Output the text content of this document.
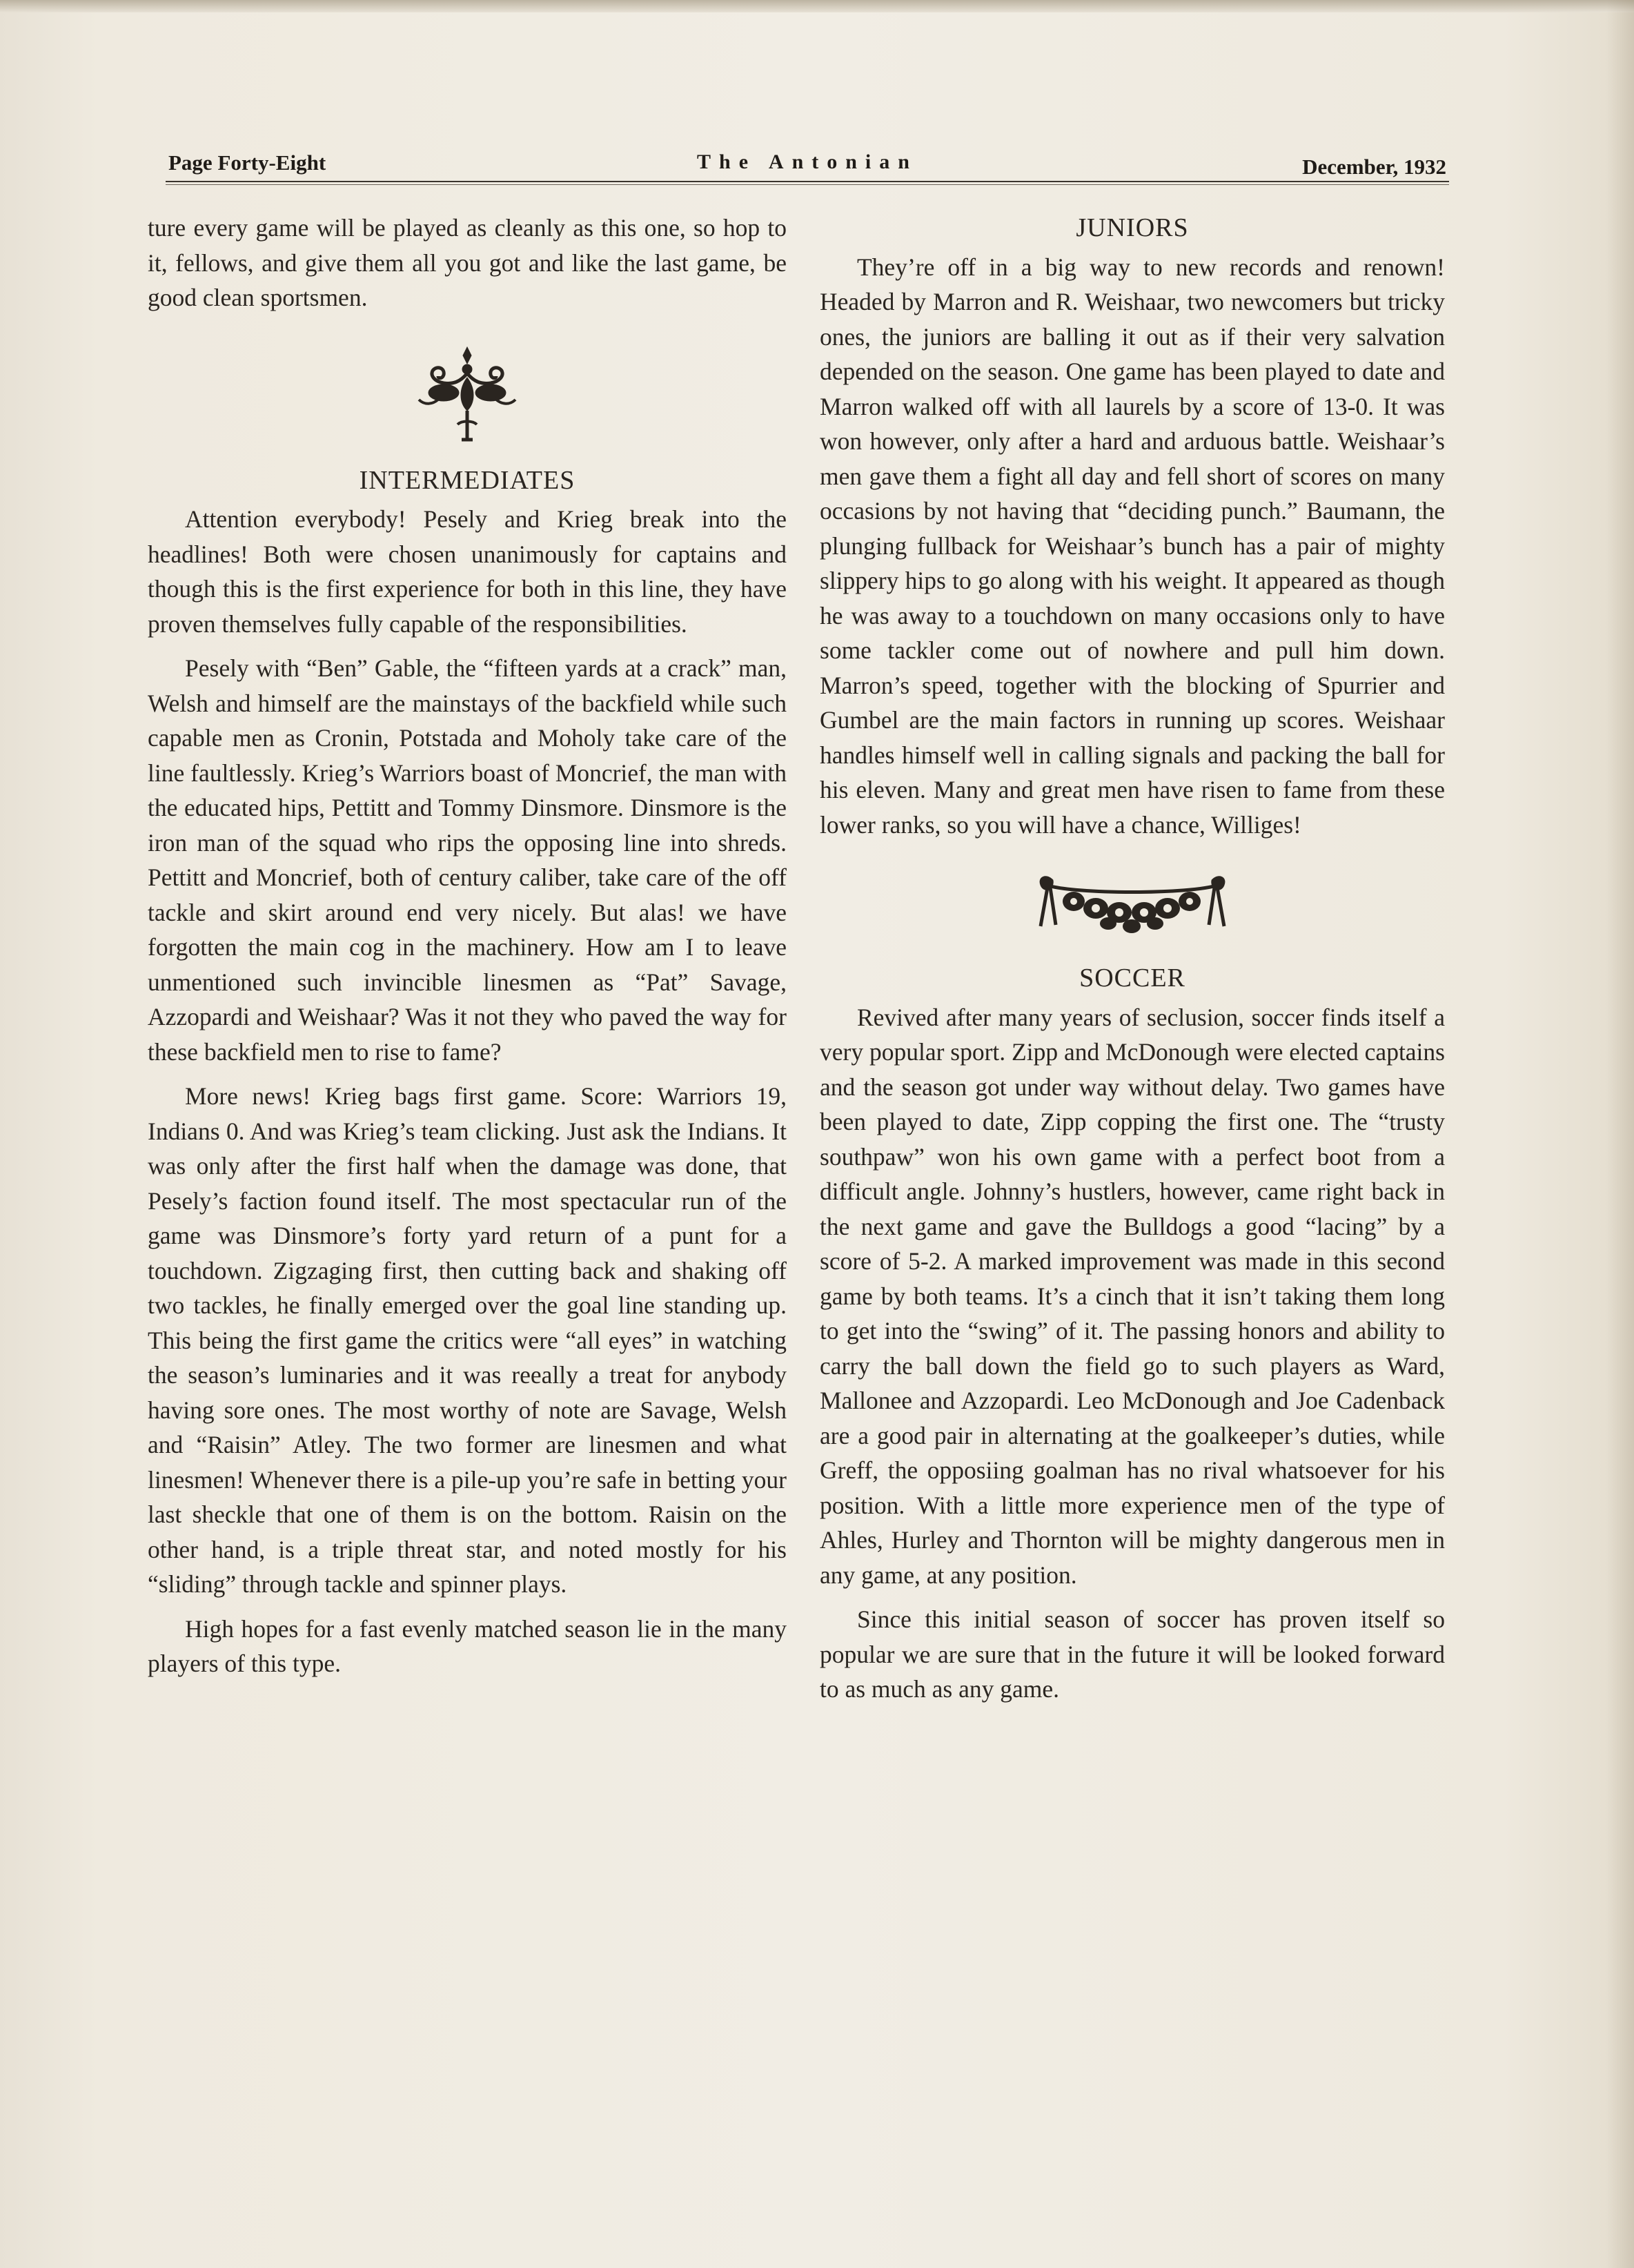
Page Forty-Eight	The Antonian	December, 1932

ture every game will be played as cleanly as this one, so hop to it, fellows, and give them all you got and like the last game, be good clean sportsmen.

INTERMEDIATES

Attention everybody! Pesely and Krieg break into the headlines! Both were chosen unanimously for captains and though this is the first experience for both in this line, they have proven themselves fully capable of the responsibilities.

Pesely with “Ben” Gable, the “fifteen yards at a crack” man, Welsh and himself are the mainstays of the backfield while such capable men as Cronin, Potstada and Moholy take care of the line faultlessly. Krieg’s Warriors boast of Moncrief, the man with the educated hips, Pettitt and Tommy Dinsmore. Dinsmore is the iron man of the squad who rips the opposing line into shreds. Pettitt and Moncrief, both of century caliber, take care of the off tackle and skirt around end very nicely. But alas! we have forgotten the main cog in the machinery. How am I to leave unmentioned such invincible linesmen as “Pat” Savage, Azzopardi and Weishaar? Was it not they who paved the way for these backfield men to rise to fame?

More news! Krieg bags first game. Score: Warriors 19, Indians 0. And was Krieg’s team clicking. Just ask the Indians. It was only after the first half when the damage was done, that Pesely’s faction found itself. The most spectacular run of the game was Dinsmore’s forty yard return of a punt for a touchdown. Zigzaging first, then cutting back and shaking off two tackles, he finally emerged over the goal line standing up. This being the first game the critics were “all eyes” in watching the season’s luminaries and it was reeally a treat for anybody having sore ones. The most worthy of note are Savage, Welsh and “Raisin” Atley. The two former are linesmen and what linesmen! Whenever there is a pile-up you’re safe in betting your last sheckle that one of them is on the bottom. Raisin on the other hand, is a triple threat star, and noted mostly for his “sliding” through tackle and spinner plays.

High hopes for a fast evenly matched season lie in the many players of this type.

JUNIORS

They’re off in a big way to new records and renown! Headed by Marron and R. Weishaar, two newcomers but tricky ones, the juniors are balling it out as if their very salvation depended on the season. One game has been played to date and Marron walked off with all laurels by a score of 13-0. It was won however, only after a hard and arduous battle. Weishaar’s men gave them a fight all day and fell short of scores on many occasions by not having that “deciding punch.” Baumann, the plunging fullback for Weishaar’s bunch has a pair of mighty slippery hips to go along with his weight. It appeared as though he was away to a touchdown on many occasions only to have some tackler come out of nowhere and pull him down. Marron’s speed, together with the blocking of Spurrier and Gumbel are the main factors in running up scores. Weishaar handles himself well in calling signals and packing the ball for his eleven. Many and great men have risen to fame from these lower ranks, so you will have a chance, Williges!

SOCCER

Revived after many years of seclusion, soccer finds itself a very popular sport. Zipp and McDonough were elected captains and the season got under way without delay. Two games have been played to date, Zipp copping the first one. The “trusty southpaw” won his own game with a perfect boot from a difficult angle. Johnny’s hustlers, however, came right back in the next game and gave the Bulldogs a good “lacing” by a score of 5-2. A marked improvement was made in this second game by both teams. It’s a cinch that it isn’t taking them long to get into the “swing” of it. The passing honors and ability to carry the ball down the field go to such players as Ward, Mallonee and Azzopardi. Leo McDonough and Joe Cadenback are a good pair in alternating at the goalkeeper’s duties, while Greff, the opposiing goalman has no rival whatsoever for his position. With a little more experience men of the type of Ahles, Hurley and Thornton will be mighty dangerous men in any game, at any position.

Since this initial season of soccer has proven itself so popular we are sure that in the future it will be looked forward to as much as any game.
